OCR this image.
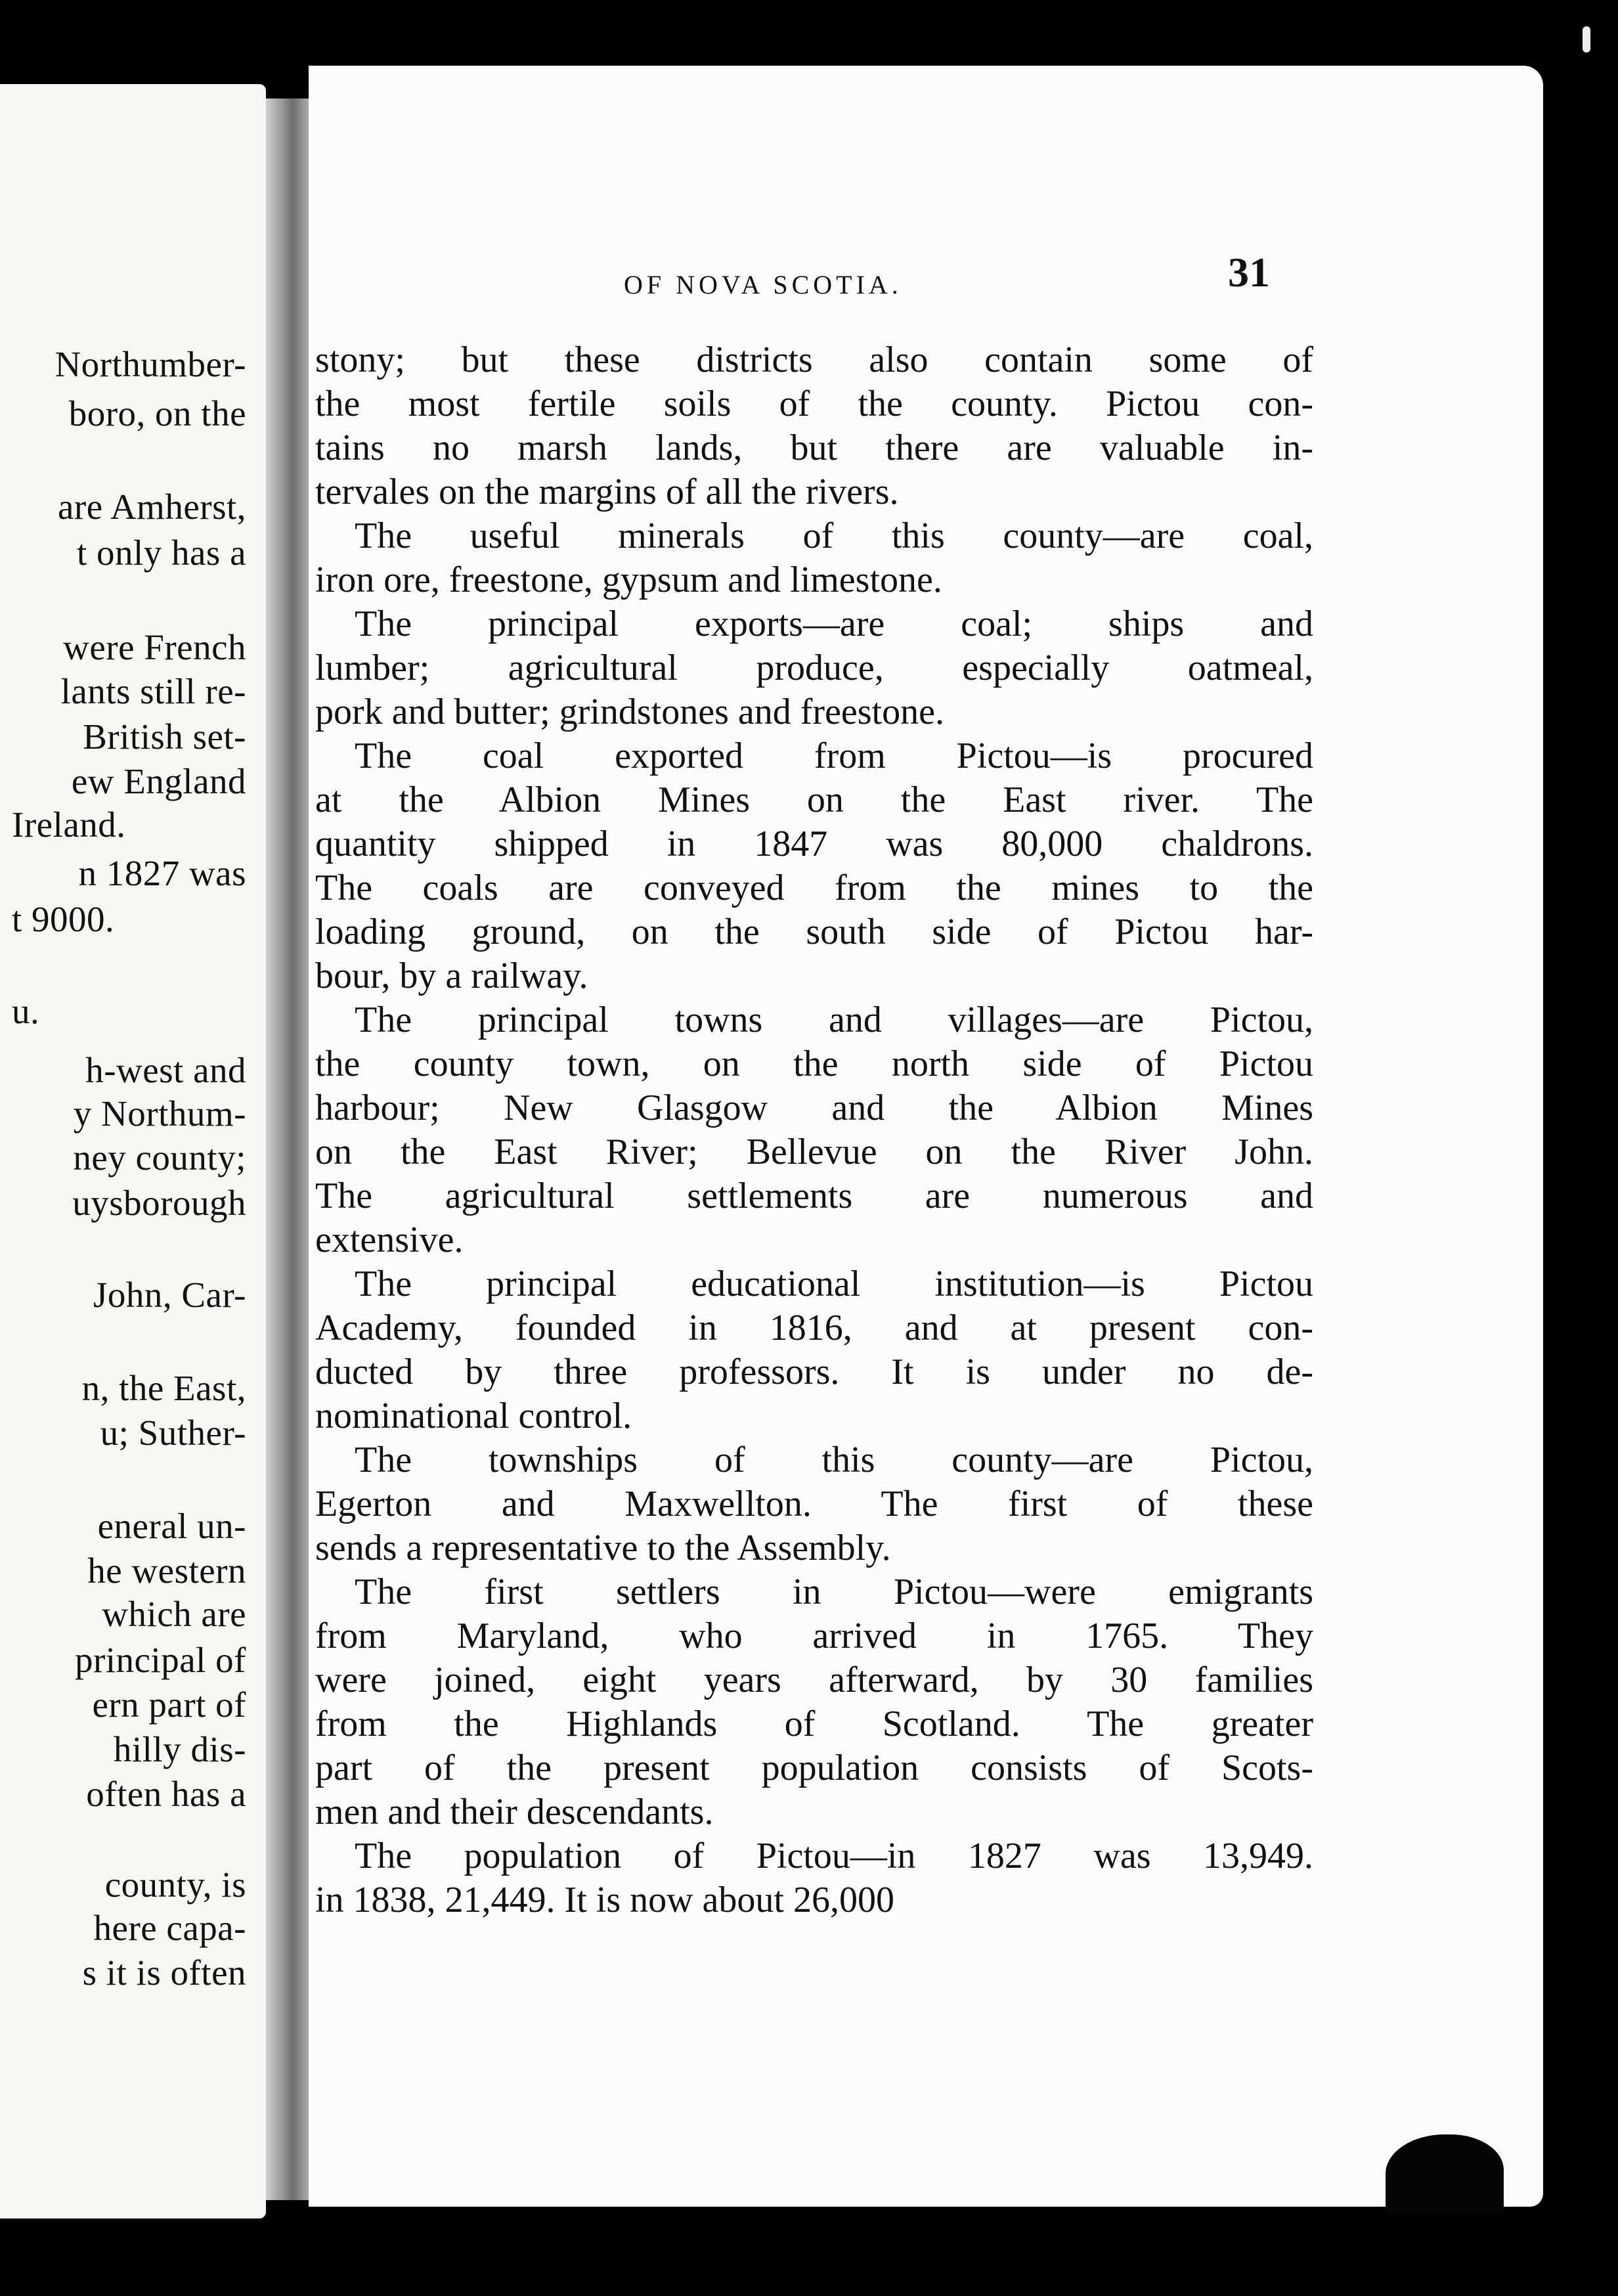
Northumber-
boro, on the
are Amherst,
t only has a
were French
lants still re-
British set-
ew England
Ireland.
n 1827 was
t 9000.
u.
h-west and
y Northum-
ney county;
uysborough
John, Car-
n, the East,
u; Suther-
eneral un-
he western
which are
principal of
ern part of
hilly dis-
often has a
county, is
here capa-
s it is often
OF NOVA SCOTIA.	31
stony; but these districts also contain some of
the most fertile soils of the county. Pictou con-
tains no marsh lands, but there are valuable in-
tervales on the margins of all the rivers.
The useful minerals of this county—are coal,
iron ore, freestone, gypsum and limestone.
The principal exports—are coal; ships and
lumber; agricultural produce, especially oatmeal,
pork and butter; grindstones and freestone.
The coal exported from Pictou—is procured
at the Albion Mines on the East river. The
quantity shipped in 1847 was 80,000 chaldrons.
The coals are conveyed from the mines to the
loading ground, on the south side of Pictou har-
bour, by a railway.
The principal towns and villages—are Pictou,
the county town, on the north side of Pictou
harbour; New Glasgow and the Albion Mines
on the East River; Bellevue on the River John.
The agricultural settlements are numerous and
extensive.
The principal educational institution—is Pictou
Academy, founded in 1816, and at present con-
ducted by three professors. It is under no de-
nominational control.
The townships of this county—are Pictou,
Egerton and Maxwellton. The first of these
sends a representative to the Assembly.
The first settlers in Pictou—were emigrants
from Maryland, who arrived in 1765. They
were joined, eight years afterward, by 30 families
from the Highlands of Scotland. The greater
part of the present population consists of Scots-
men and their descendants.
The population of Pictou—in 1827 was 13,949.
in 1838, 21,449. It is now about 26,000
